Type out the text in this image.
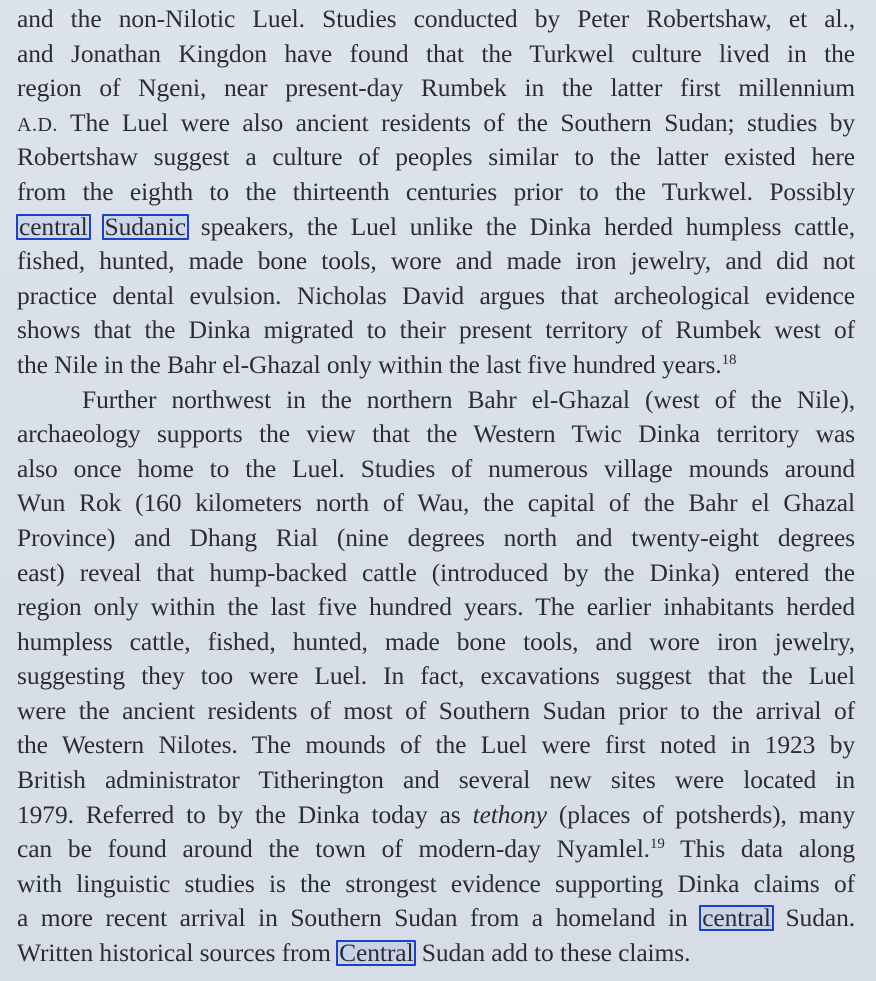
and the non-Nilotic Luel. Studies conducted by Peter Robertshaw, et al.,
and Jonathan Kingdon have found that the Turkwel culture lived in the
region of Ngeni, near present-day Rumbek in the latter first millennium
A.D. The Luel were also ancient residents of the Southern Sudan; studies by
Robertshaw suggest a culture of peoples similar to the latter existed here
from the eighth to the thirteenth centuries prior to the Turkwel. Possibly
central Sudanic speakers, the Luel unlike the Dinka herded humpless cattle,
fished, hunted, made bone tools, wore and made iron jewelry, and did not
practice dental evulsion. Nicholas David argues that archeological evidence
shows that the Dinka migrated to their present territory of Rumbek west of
the Nile in the Bahr el-Ghazal only within the last five hundred years.$^{18}$
Further northwest in the northern Bahr el-Ghazal (west of the Nile),
archaeology supports the view that the Western Twic Dinka territory was
also once home to the Luel. Studies of numerous village mounds around
Wun Rok (160 kilometers north of Wau, the capital of the Bahr el Ghazal
Province) and Dhang Rial (nine degrees north and twenty-eight degrees
east) reveal that hump-backed cattle (introduced by the Dinka) entered the
region only within the last five hundred years. The earlier inhabitants herded
humpless cattle, fished, hunted, made bone tools, and wore iron jewelry,
suggesting they too were Luel. In fact, excavations suggest that the Luel
were the ancient residents of most of Southern Sudan prior to the arrival of
the Western Nilotes. The mounds of the Luel were first noted in 1923 by
British administrator Titherington and several new sites were located in
1979. Referred to by the Dinka today as tethony (places of potsherds), many
can be found around the town of modern-day Nyamlel.$^{19}$ This data along
with linguistic studies is the strongest evidence supporting Dinka claims of
a more recent arrival in Southern Sudan from a homeland in central Sudan.
Written historical sources from Central Sudan add to these claims.
